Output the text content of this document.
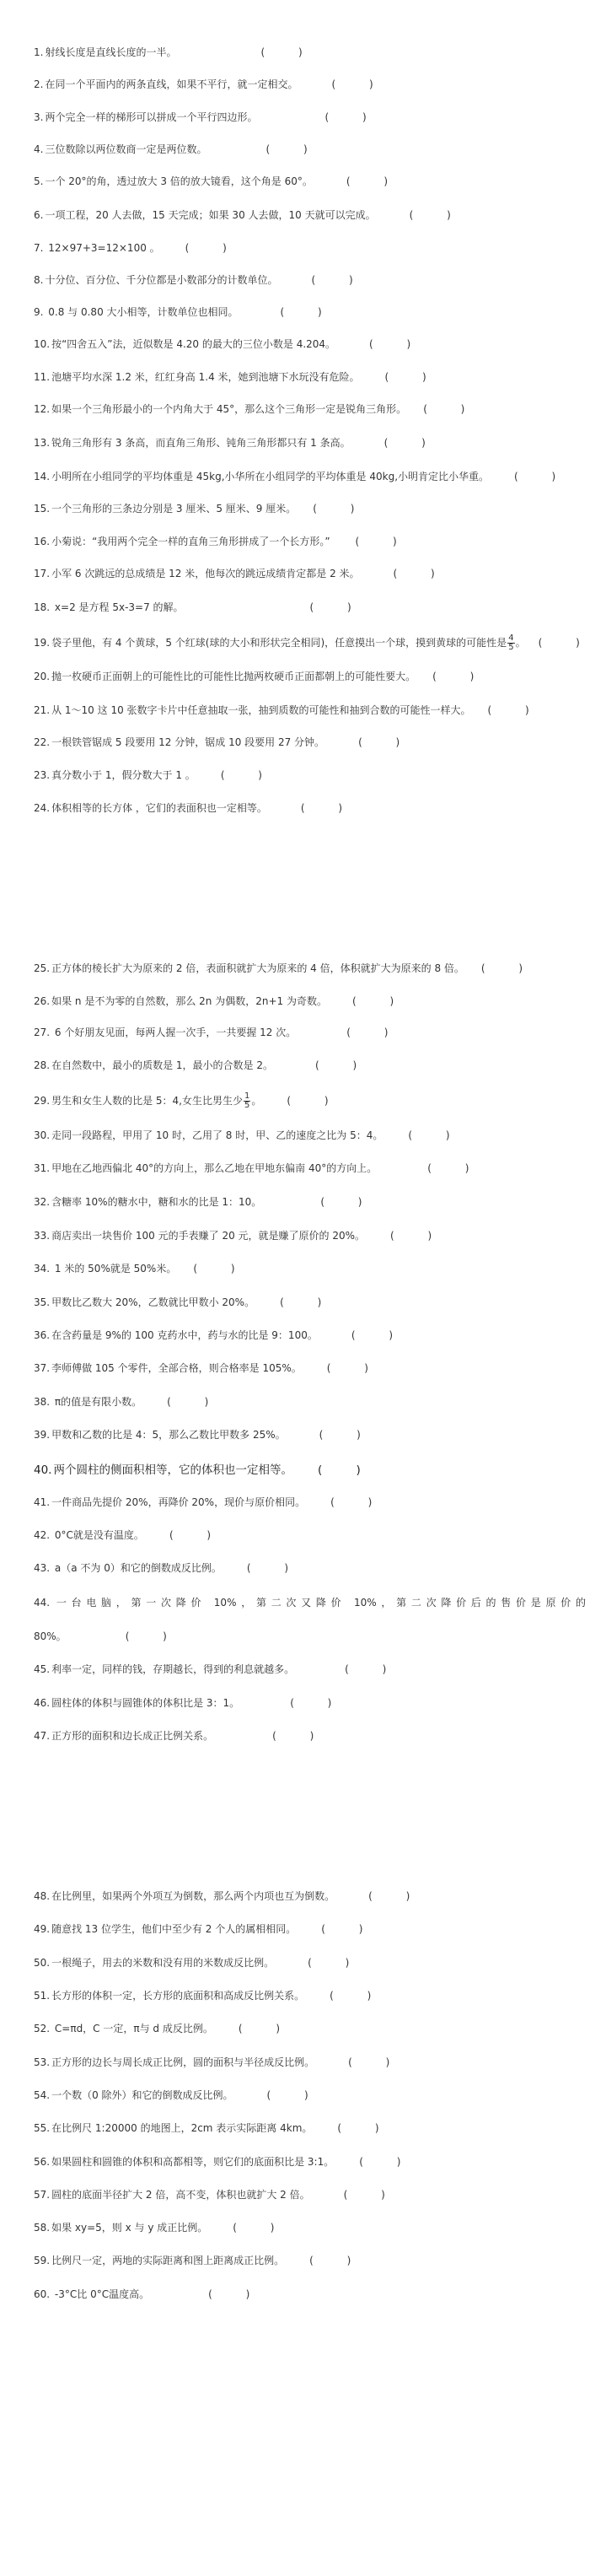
1. 射线长度是直线长度的一半。	( )
2. 在同一个平面内的两条直线，如果不平行，就一定相交。	( )
3. 两个完全一样的梯形可以拼成一个平行四边形。	( )
4. 三位数除以两位数商一定是两位数。	( )
5. 一个 20°的角，透过放大 3 倍的放大镜看，这个角是 60°。	( )
6. 一项工程，20 人去做，15 天完成；如果 30 人去做，10 天就可以完成。	( )
7. 12×97+3=12×100 。	( )
8. 十分位、百分位、千分位都是小数部分的计数单位。	( )
9. 0.8 与 0.80 大小相等，计数单位也相同。	( )
10. 按“四舍五入”法，近似数是 4.20 的最大的三位小数是 4.204。	( )
11. 池塘平均水深 1.2 米，红红身高 1.4 米，她到池塘下水玩没有危险。	( )
12. 如果一个三角形最小的一个内角大于 45°，那么这个三角形一定是锐角三角形。 ( )
13. 锐角三角形有 3 条高，而直角三角形、钝角三角形都只有 1 条高。	( )
14. 小明所在小组同学的平均体重是 45kg,小华所在小组同学的平均体重是 40kg,小明肯定比小华重。	( )
15. 一个三角形的三条边分别是 3 厘米、5 厘米、9 厘米。 ( )
16. 小菊说：“我用两个完全一样的直角三角形拼成了一个长方形。”	( )
17. 小军 6 次跳远的总成绩是 12 米，他每次的跳远成绩肯定都是 2 米。	( )
18. x=2 是方程 5x-3=7 的解。	( )
19. 袋子里他，有 4 个黄球，5 个红球(球的大小和形状完全相同)，任意摸出一个球，摸到黄球的可能性是 $\frac{4}{5}$ 。 ( )
20. 抛一枚硬币正面朝上的可能性比的可能性比抛两枚硬币正面都朝上的可能性要大。 ( )
21. 从 1～10 这 10 张数字卡片中任意抽取一张，抽到质数的可能性和抽到合数的可能性一样大。 ( )
22. 一根铁管锯成 5 段要用 12 分钟，锯成 10 段要用 27 分钟。	( )
23. 真分数小于 1，假分数大于 1 。	( )
24. 体积相等的长方体 ，它们的表面积也一定相等。	( )
25. 正方体的棱长扩大为原来的 2 倍，表面积就扩大为原来的 4 倍，体积就扩大为原来的 8 倍。 ( )
26. 如果 n 是不为零的自然数，那么 2n 为偶数，2n+1 为奇数。	( )
27. 6 个好朋友见面，每两人握一次手，一共要握 12 次。	( )
28. 在自然数中，最小的质数是 1，最小的合数是 2。	( )
29. 男生和女生人数的比是 5：4,女生比男生少 $\frac{1}{5}$ 。	( )
30. 走同一段路程，甲用了 10 时，乙用了 8 时，甲、乙的速度之比为 5：4。	( )
31. 甲地在乙地西偏北 40°的方向上，那么乙地在甲地东偏南 40°的方向上。	( )
32. 含糖率 10%的糖水中，糖和水的比是 1：10。	( )
33. 商店卖出一块售价 100 元的手表赚了 20 元，就是赚了原价的 20%。	( )
34. 1 米的 50%就是 50%米。 ( )
35. 甲数比乙数大 20%，乙数就比甲数小 20%。	( )
36. 在含药量是 9%的 100 克药水中，药与水的比是 9：100。	( )
37. 李师傅做 105 个零件，全部合格，则合格率是 105%。	( )
38. π的值是有限小数。	( )
39. 甲数和乙数的比是 4：5，那么乙数比甲数多 25%。	( )
40. 两个圆柱的侧面积相等，它的体积也一定相等。 ( )
41. 一件商品先提价 20%，再降价 20%，现价与原价相同。	( )
42. 0°C就是没有温度。	( )
43. a（a 不为 0）和它的倒数成反比例。	( )
44. 一台电脑，第一次降价 10%，第二次又降价 10%，第二次降价后的售价是原价的
80%。	( )
45. 利率一定，同样的钱，存期越长，得到的利息就越多。	( )
46. 圆柱体的体积与圆锥体的体积比是 3：1。	( )
47. 正方形的面积和边长成正比例关系。	( )
48. 在比例里，如果两个外项互为倒数，那么两个内项也互为倒数。	( )
49. 随意找 13 位学生，他们中至少有 2 个人的属相相同。	( )
50. 一根绳子，用去的米数和没有用的米数成反比例。	( )
51. 长方形的体积一定，长方形的底面积和高成反比例关系。	( )
52. C=πd，C 一定，π与 d 成反比例。	( )
53. 正方形的边长与周长成正比例，圆的面积与半径成反比例。	( )
54. 一个数（0 除外）和它的倒数成反比例。	( )
55. 在比例尺 1:20000 的地图上，2cm 表示实际距离 4km。	( )
56. 如果圆柱和圆锥的体积和高都相等，则它们的底面积比是 3:1。	( )
57. 圆柱的底面半径扩大 2 倍，高不变，体积也就扩大 2 倍。	( )
58. 如果 xy=5，则 x 与 y 成正比例。	( )
59. 比例尺一定，两地的实际距离和图上距离成正比例。	( )
60. -3°C比 0°C温度高。	( )
